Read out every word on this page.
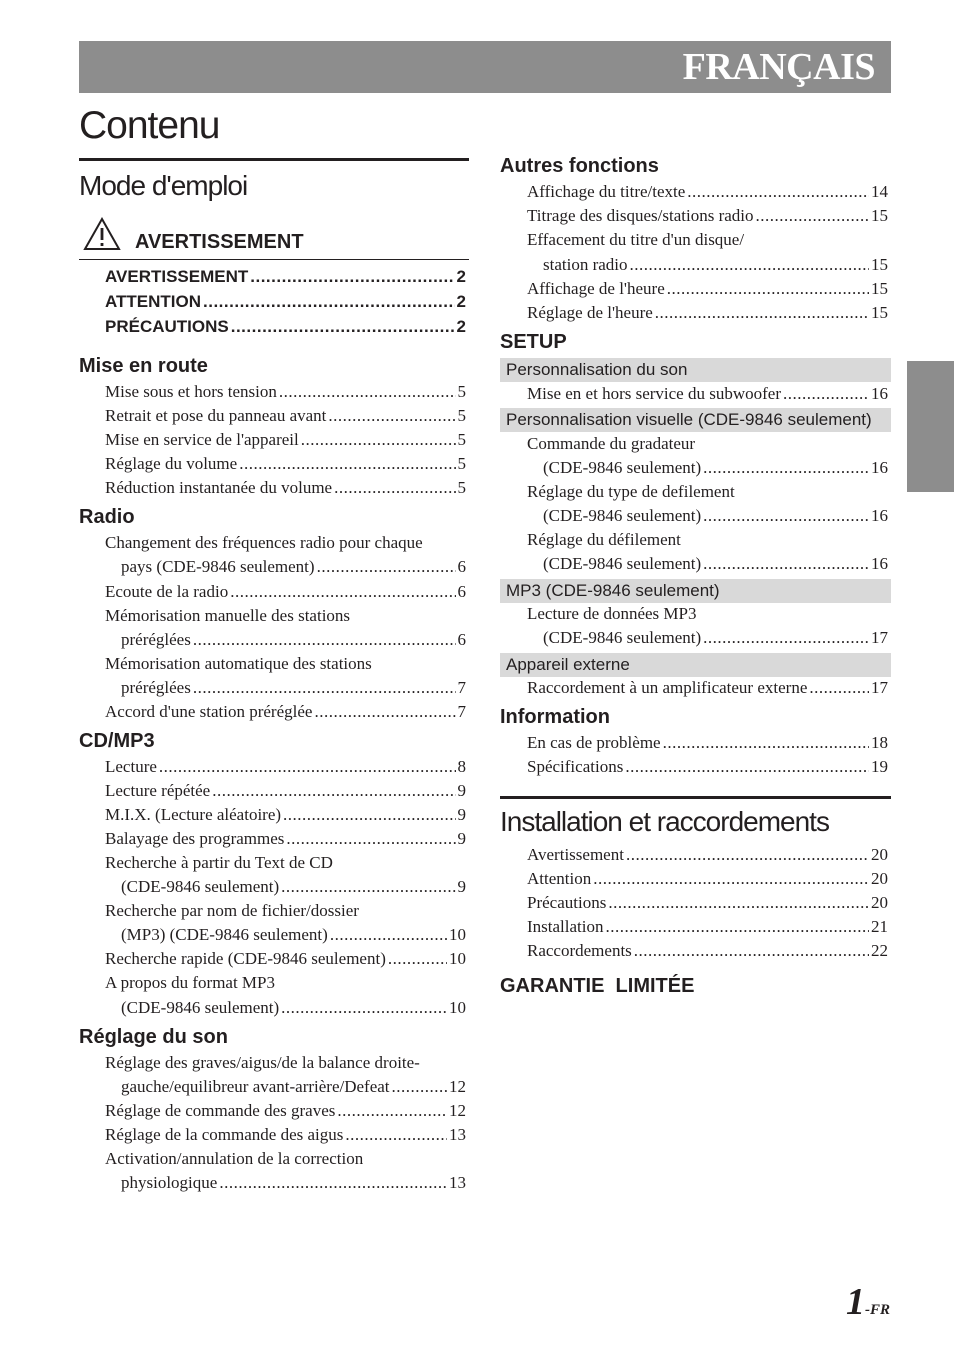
FRANÇAIS
Contenu
Mode d'emploi
AVERTISSEMENT
AVERTISSEMENT .....	2
ATTENTION .....	2
PRÉCAUTIONS .....	2
Mise en route
Mise sous et hors tension .....	5
Retrait et pose du panneau avant .....	5
Mise en service de l'appareil .....	5
Réglage du volume .....	5
Réduction instantanée du volume .....	5
Radio
Changement des fréquences radio pour chaque
pays (CDE-9846 seulement) .....	6
Ecoute de la radio .....	6
Mémorisation manuelle des stations
préréglées .....	6
Mémorisation automatique des stations
préréglées .....	7
Accord d'une station préréglée .....	7
CD/MP3
Lecture .....	8
Lecture répétée .....	9
M.I.X. (Lecture aléatoire) .....	9
Balayage des programmes .....	9
Recherche à partir du Text de CD
(CDE-9846 seulement) .....	9
Recherche par nom de fichier/dossier
(MP3) (CDE-9846 seulement) .....	10
Recherche rapide (CDE-9846 seulement) .....	10
A propos du format MP3
(CDE-9846 seulement) .....	10
Réglage du son
Réglage des graves/aigus/de la balance droite-
gauche/equilibreur avant-arrière/Defeat .....	12
Réglage de commande des graves .....	12
Réglage de la commande des aigus .....	13
Activation/annulation de la correction
physiologique .....	13
Autres fonctions
Affichage du titre/texte .....	14
Titrage des disques/stations radio .....	15
Effacement du titre d'un disque/
station radio .....	15
Affichage de l'heure .....	15
Réglage de l'heure .....	15
SETUP
Personnalisation du son
Mise en et hors service du subwoofer .....	16
Personnalisation visuelle (CDE-9846 seulement)
Commande du gradateur
(CDE-9846 seulement) .....	16
Réglage du type de defilement
(CDE-9846 seulement) .....	16
Réglage du défilement
(CDE-9846 seulement) .....	16
MP3 (CDE-9846 seulement)
Lecture de données MP3
(CDE-9846 seulement) .....	17
Appareil externe
Raccordement à un amplificateur externe .....	17
Information
En cas de problème .....	18
Spécifications .....	19
Installation et raccordements
Avertissement .....	20
Attention .....	20
Précautions .....	20
Installation .....	21
Raccordements .....	22
GARANTIE  LIMITÉE
1-FR
